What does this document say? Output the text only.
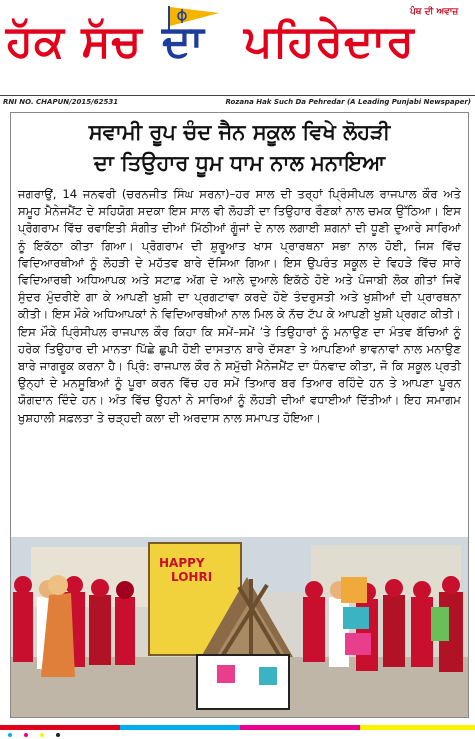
ਪੰਥ ਦੀ ਅਵਾਜ਼
ਹੱਕ ਸੱਚ ਦਾ ਪਹਿਰੇਦਾਰ
RNI NO. CHAPUN/2015/62531	Rozana Hak Such Da Pehredar (A Leading Punjabi Newspaper)
ਸਵਾਮੀ ਰੂਪ ਚੰਦ ਜੈਨ ਸਕੂਲ ਵਿਖੇ ਲੋਹੜੀ
ਦਾ ਤਿਉਹਾਰ ਧੂਮ ਧਾਮ ਨਾਲ ਮਨਾਇਆ
ਜਗਰਾਉਂ, 14 ਜਨਵਰੀ (ਚਰਨਜੀਤ ਸਿੰਘ ਸਰਨਾ)–ਹਰ ਸਾਲ ਦੀ ਤਰ੍ਹਾਂ ਪ੍ਰਿੰਸੀਪਲ ਰਾਜਪਾਲ ਕੌਰ ਅਤੇ ਸਮੂਹ ਮੈਨੇਜਮੈਂਟ ਦੇ ਸਹਿਯੋਗ ਸਦਕਾ ਇਸ ਸਾਲ ਵੀ ਲੋਹੜੀ ਦਾ ਤਿਉਹਾਰ ਰੌਣਕਾਂ ਨਾਲ ਚਮਕ ਉੱਠਿਆ। ਇਸ ਪ੍ਰੋਗਰਾਮ ਵਿੱਚ ਰਵਾਇਤੀ ਸੰਗੀਤ ਦੀਆਂ ਮਿੱਠੀਆਂ ਗੂੰਜਾਂ ਦੇ ਨਾਲ ਲਗਾਈ ਸ਼ਗਨਾਂ ਦੀ ਧੂਣੀ ਦੁਆਰੇ ਸਾਰਿਆਂ ਨੂੰ ਇਕੱਠਾ ਕੀਤਾ ਗਿਆ। ਪ੍ਰੋਗਰਾਮ ਦੀ ਸ਼ੁਰੂਆਤ ਖਾਸ ਪ੍ਰਾਰਥਨਾ ਸਭਾ ਨਾਲ ਹੋਈ, ਜਿਸ ਵਿੱਚ ਵਿਦਿਆਰਥੀਆਂ ਨੂੰ ਲੋਹੜੀ ਦੇ ਮਹੱਤਵ ਬਾਰੇ ਦੱਸਿਆ ਗਿਆ। ਇਸ ਉਪਰੰਤ ਸਕੂਲ ਦੇ ਵਿਹੜੇ ਵਿੱਚ ਸਾਰੇ ਵਿਦਿਆਰਥੀ ਅਧਿਆਪਕ ਅਤੇ ਸਟਾਫ਼ ਅੱਗ ਦੇ ਆਲੇ ਦੁਆਲੇ ਇਕੱਠੇ ਹੋਏ ਅਤੇ ਪੰਜਾਬੀ ਲੋਕ ਗੀਤਾਂ ਜਿਵੇਂ ਸੁੰਦਰ ਮੁੰਦਰੀਏ ਗਾ ਕੇ ਆਪਣੀ ਖੁਸ਼ੀ ਦਾ ਪ੍ਰਗਟਾਵਾ ਕਰਦੇ ਹੋਏ ਤੰਦਰੁਸਤੀ ਅਤੇ ਖੁਸ਼ੀਆਂ ਦੀ ਪ੍ਰਾਰਥਨਾ ਕੀਤੀ। ਇਸ ਮੌਕੇ ਅਧਿਆਪਕਾਂ ਨੇ ਵਿਦਿਆਰਥੀਆਂ ਨਾਲ ਮਿਲ ਕੇ ਨੱਚ ਟੱਪ ਕੇ ਆਪਣੀ ਖੁਸ਼ੀ ਪ੍ਰਗਟ ਕੀਤੀ। ਇਸ ਮੌਕੇ ਪ੍ਰਿੰਸੀਪਲ ਰਾਜਪਾਲ ਕੌਰ ਕਿਹਾ ਕਿ ਸਮੇਂ–ਸਮੇਂ ’ਤੇ ਤਿਉਹਾਰਾਂ ਨੂੰ ਮਨਾਉਣ ਦਾ ਮੰਤਵ ਬੱਚਿਆਂ ਨੂੰ ਹਰੇਕ ਤਿਉਹਾਰ ਦੀ ਮਾਨਤਾ ਪਿੱਛੇ ਛੁਪੀ ਹੋਈ ਦਾਸਤਾਨ ਬਾਰੇ ਦੱਸਣਾ ਤੇ ਆਪਣਿਆਂ ਭਾਵਨਾਵਾਂ ਨਾਲ ਮਨਾਉਣ ਬਾਰੇ ਜਾਗਰੂਕ ਕਰਨਾ ਹੈ। ਪ੍ਰਿੰ: ਰਾਜਪਾਲ ਕੌਰ ਨੇ ਸਮੁੱਚੀ ਮੈਨੇਜਮੈਂਟ ਦਾ ਧੰਨਵਾਦ ਕੀਤਾ, ਜੋ ਕਿ ਸਕੂਲ ਪ੍ਰਤੀ ਉਨ੍ਹਾਂ ਦੇ ਮਨਸੂਬਿਆਂ ਨੂੰ ਪੂਰਾ ਕਰਨ ਵਿੱਚ ਹਰ ਸਮੇਂ ਤਿਆਰ ਬਰ ਤਿਆਰ ਰਹਿੰਦੇ ਹਨ ਤੇ ਆਪਣਾ ਪੂਰਨ ਯੋਗਦਾਨ ਦਿੰਦੇ ਹਨ। ਅੰਤ ਵਿੱਚ ਉਹਨਾਂ ਨੇ ਸਾਰਿਆਂ ਨੂੰ ਲੋਹੜੀ ਦੀਆਂ ਵਧਾਈਆਂ ਦਿੱਤੀਆਂ। ਇਹ ਸਮਾਗਮ ਖੁਸ਼ਹਾਲੀ ਸਫ਼ਲਤਾ ਤੇ ਚੜ੍ਹਦੀ ਕਲਾ ਦੀ ਅਰਦਾਸ ਨਾਲ ਸਮਾਪਤ ਹੋਇਆ।
HAPPY
LOHRI
